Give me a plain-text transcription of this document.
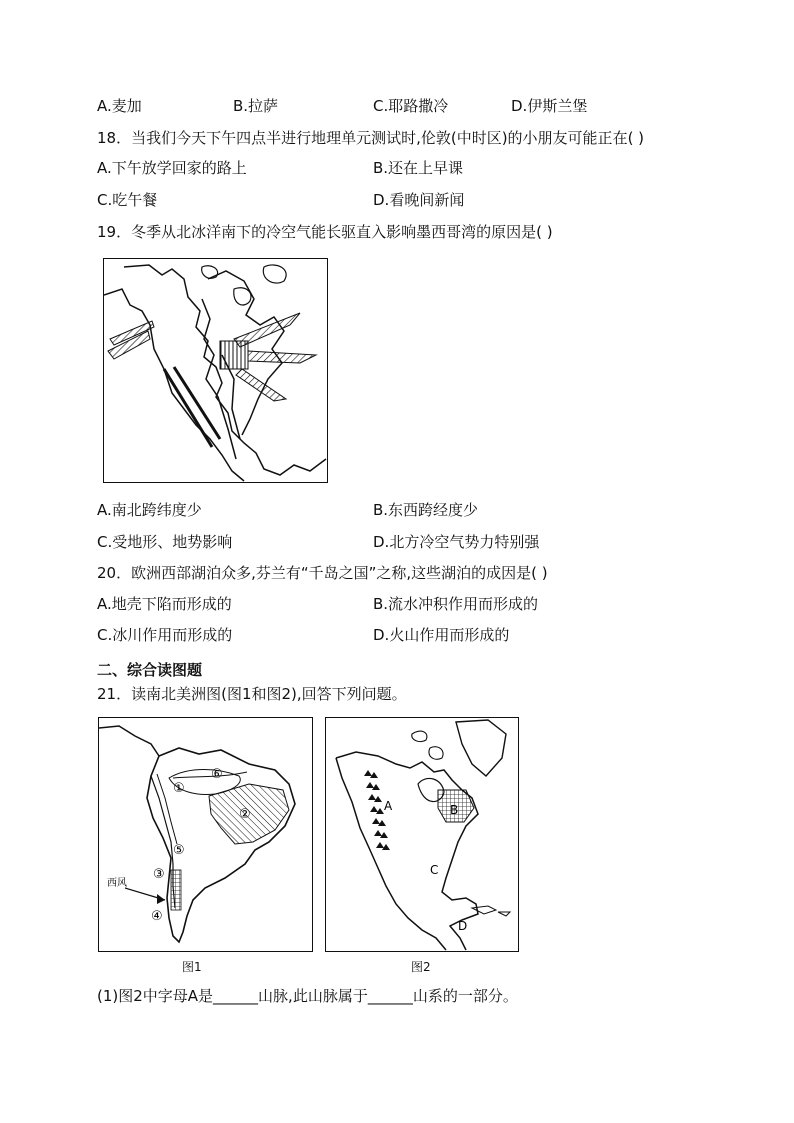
A.麦加	B.拉萨	C.耶路撒冷	D.伊斯兰堡
18．当我们今天下午四点半进行地理单元测试时,伦敦(中时区)的小朋友可能正在( )
A.下午放学回家的路上	B.还在上早课
C.吃午餐	D.看晚间新闻
19．冬季从北冰洋南下的冷空气能长驱直入影响墨西哥湾的原因是( )
A.南北跨纬度少	B.东西跨经度少
C.受地形、地势影响	D.北方冷空气势力特别强
20．欧洲西部湖泊众多,芬兰有“千岛之国”之称,这些湖泊的成因是( )
A.地壳下陷而形成的	B.流水冲积作用而形成的
C.冰川作用而形成的	D.火山作用而形成的
二、综合读图题
21．读南北美洲图(图1和图2),回答下列问题。
①
②
③
④
⑤
⑥
西风
图1
A	B
C
D
图2
(1)图2中字母A是______山脉,此山脉属于______山系的一部分。
